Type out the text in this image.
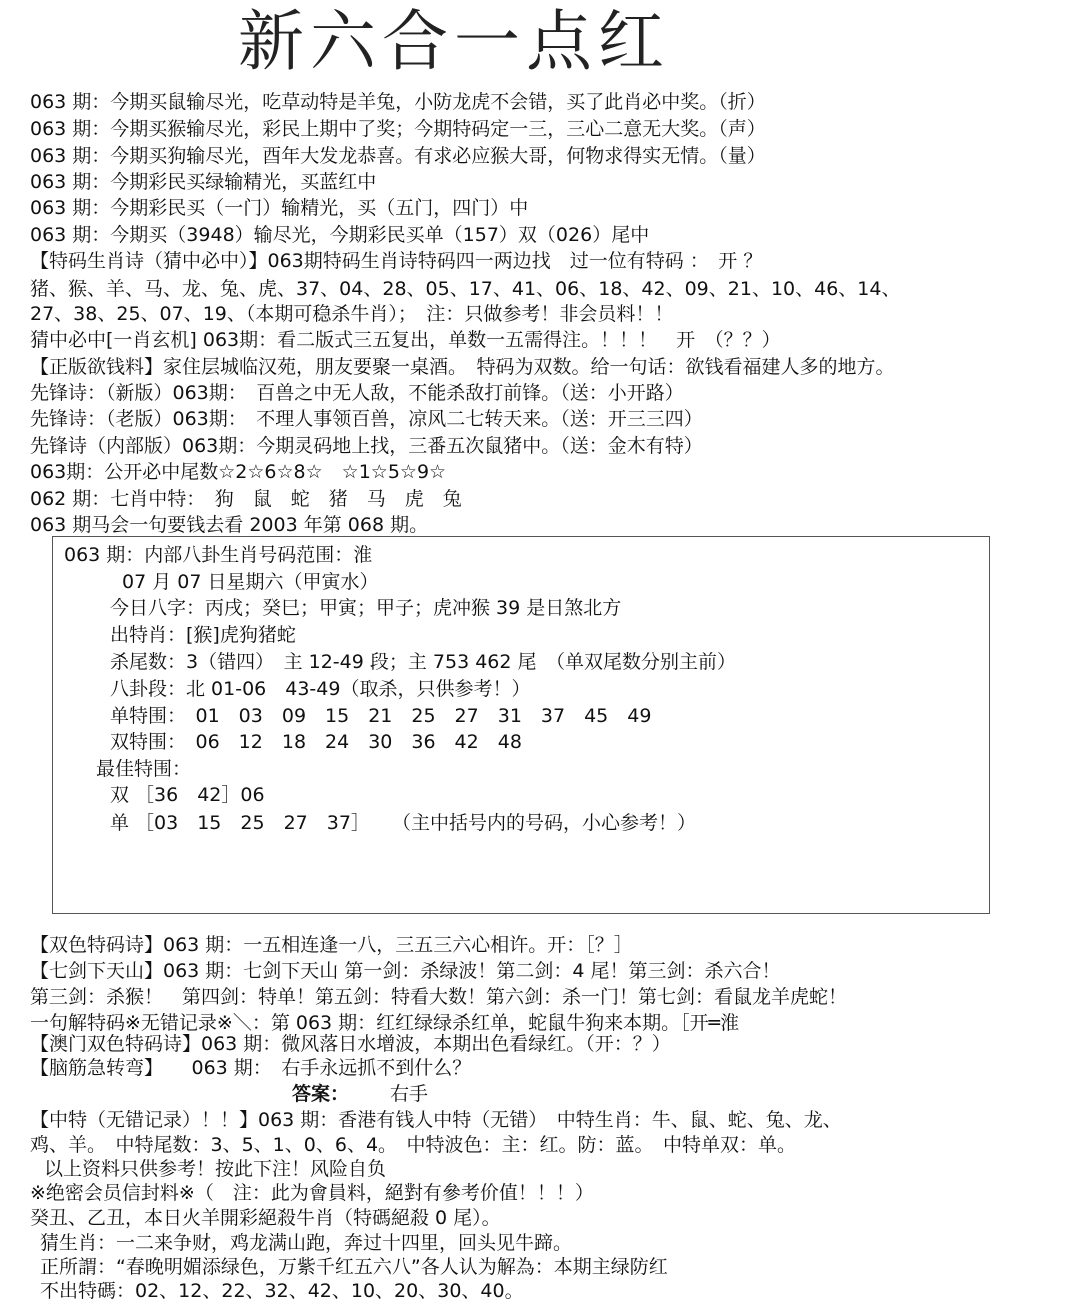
新六合一点红
063 期：今期买鼠输尽光，吃草动特是羊兔，小防龙虎不会错，买了此肖必中奖。（折）
063 期：今期买猴输尽光，彩民上期中了奖；今期特码定一三，三心二意无大奖。（声）
063 期：今期买狗输尽光，酉年大发龙恭喜。有求必应猴大哥，何物求得实无情。（量）
063 期：今期彩民买绿输精光，买蓝红中
063 期：今期彩民买（一门）输精光，买（五门，四门）中
063 期：今期买（3948）输尽光，今期彩民买单（157）双（026）尾中
【特码生肖诗（猜中必中）】063期特码生肖诗特码四一两边找　过一位有特码 ：　开 ？
猪、猴、羊、马、龙、兔、虎、37、04、28、05、17、41、06、18、42、09、21、10、46、14、
27、38、25、07、19、（本期可稳杀牛肖）；　注：只做参考！非会员料！！
猜中必中[一肖玄机] 063期：看二版式三五复出，单数一五需得注。！！！　开　（？？）
【正版欲钱料】家住层城临汉苑，朋友要聚一桌酒。　特码为双数。给一句话：欲钱看福建人多的地方。
先锋诗：（新版）063期：　百兽之中无人敌，不能杀敌打前锋。（送：小开路）
先锋诗：（老版）063期：　不理人事领百兽，凉风二七转天来。（送：开三三四）
先锋诗（内部版）063期：今期灵码地上找，三番五次鼠猪中。（送：金木有特）
063期：公开必中尾数☆2☆6☆8☆　☆1☆5☆9☆
062 期：七肖中特：　狗　鼠　蛇　猪　马　虎　兔
063 期马会一句要钱去看 2003 年第 068 期。
063 期：内部八卦生肖号码范围：淮
07 月 07 日星期六（甲寅水）
今日八字：丙戌；癸巳；甲寅；甲子；虎冲猴 39 是日煞北方
出特肖：[猴]虎狗猪蛇
杀尾数：3（错四）　主 12-49 段；主 753 462 尾　（单双尾数分别主前）
八卦段：北 01-06　43-49（取杀，只供参考！）
单特围：　01　03　09　15　21　25　27　31　37　45　49
双特围：　06　12　18　24　30　36　42　48
最佳特围：
双 ［36　42］06
单 ［03　15　25　27　37］ （主中括号内的号码，小心参考！）
【双色特码诗】063 期：一五相连逢一八，三五三六心相许。开：［？］
【七剑下天山】063 期：七剑下天山 第一剑：杀绿波！第二剑：4 尾！第三剑：杀六合！
第三剑：杀猴！　第四剑：特单！第五剑：特看大数！第六剑：杀一门！第七剑：看鼠龙羊虎蛇！
一句解特码※无错记录※＼：第 063 期：红红绿绿杀红单，蛇鼠牛狗来本期。［开═淮
【澳门双色特码诗】063 期：微风落日水增波，本期出色看绿红。（开：？）
【脑筋急转弯】　　063 期：　右手永远抓不到什么？
答案： 右手
【中特（无错记录）！！】063 期：香港有钱人中特（无错）　中特生肖：牛、鼠、蛇、兔、龙、
鸡、羊。　中特尾数：3、5、1、0、6、4。　中特波色：主：红。防：蓝。　中特单双：单。
以上资料只供参考！按此下注！风险自负
※绝密会员信封料※（　注：此为會員料，絕對有參考价值！！！）
癸丑、乙丑，本日火羊開彩絕殺牛肖（特碼絕殺 0 尾）。
猜生肖：一二来争财，鸡龙满山跑，奔过十四里，回头见牛蹄。
正所謂：“春晚明媚添绿色，万紫千红五六八”各人认为解為：本期主绿防红
不出特碼：02、12、22、32、42、10、20、30、40。
